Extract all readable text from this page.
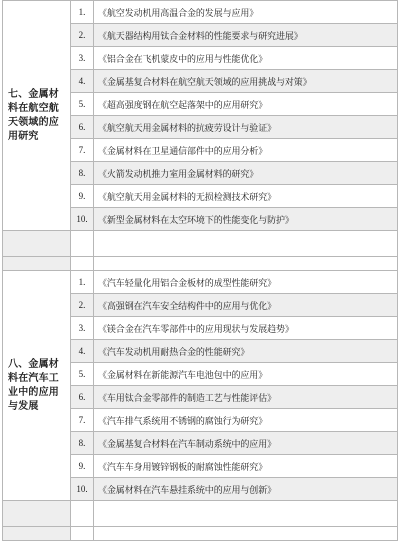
七、金属材料在航空航天领域的应用研究	1.	《航空发动机用高温合金的发展与应用》
	2.	《航天器结构用钛合金材料的性能要求与研究进展》
	3.	《铝合金在飞机蒙皮中的应用与性能优化》
	4.	《金属基复合材料在航空航天领域的应用挑战与对策》
	5.	《超高强度钢在航空起落架中的应用研究》
	6.	《航空航天用金属材料的抗疲劳设计与验证》
	7.	《金属材料在卫星通信部件中的应用分析》
	8.	《火箭发动机推力室用金属材料的研究》
	9.	《航空航天用金属材料的无损检测技术研究》
	10.	《新型金属材料在太空环境下的性能变化与防护》

八、金属材料在汽车工业中的应用与发展	1.	《汽车轻量化用铝合金板材的成型性能研究》
	2.	《高强钢在汽车安全结构件中的应用与优化》
	3.	《镁合金在汽车零部件中的应用现状与发展趋势》
	4.	《汽车发动机用耐热合金的性能研究》
	5.	《金属材料在新能源汽车电池包中的应用》
	6.	《车用钛合金零部件的制造工艺与性能评估》
	7.	《汽车排气系统用不锈钢的腐蚀行为研究》
	8.	《金属基复合材料在汽车制动系统中的应用》
	9.	《汽车车身用镀锌钢板的耐腐蚀性能研究》
	10.	《金属材料在汽车悬挂系统中的应用与创新》
